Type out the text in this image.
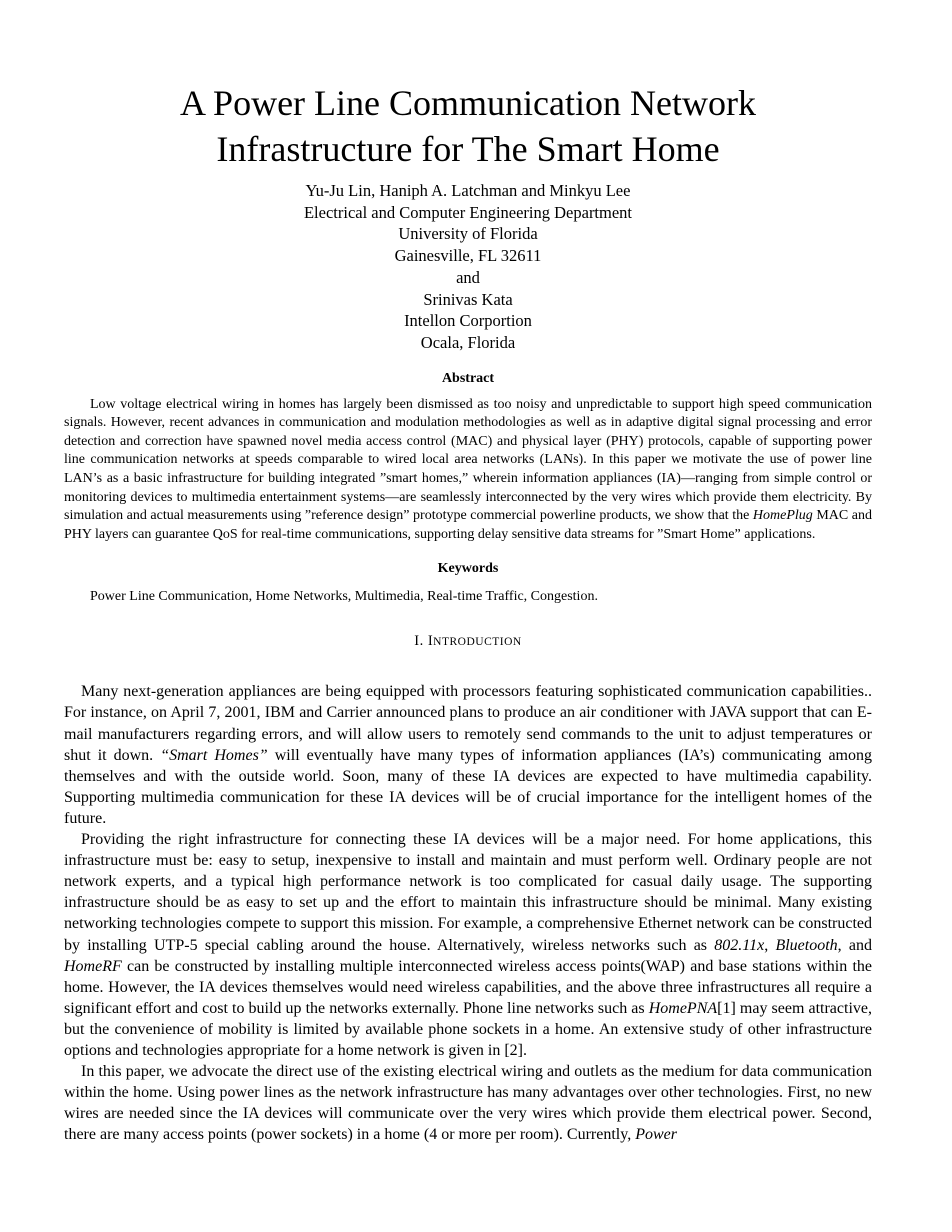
A Power Line Communication Network
Infrastructure for The Smart Home
Yu-Ju Lin, Haniph A. Latchman and Minkyu Lee
Electrical and Computer Engineering Department
University of Florida
Gainesville, FL 32611
and
Srinivas Kata
Intellon Corportion
Ocala, Florida
Abstract

Low voltage electrical wiring in homes has largely been dismissed as too noisy and unpredictable to support high speed communication signals. However, recent advances in communication and modulation methodologies as well as in adaptive digital signal processing and error detection and correction have spawned novel media access control (MAC) and physical layer (PHY) protocols, capable of supporting power line communication networks at speeds comparable to wired local area networks (LANs). In this paper we motivate the use of power line LAN’s as a basic infrastructure for building integrated ”smart homes,” wherein information appliances (IA)—ranging from simple control or monitoring devices to multimedia entertainment systems—are seamlessly interconnected by the very wires which provide them electricity. By simulation and actual measurements using ”reference design” prototype commercial powerline products, we show that the HomePlug MAC and PHY layers can guarantee QoS for real-time communications, supporting delay sensitive data streams for ”Smart Home” applications.

Keywords
Power Line Communication, Home Networks, Multimedia, Real-time Traffic, Congestion.
I. INTRODUCTION

Many next-generation appliances are being equipped with processors featuring sophisticated communication capabilities.. For instance, on April 7, 2001, IBM and Carrier announced plans to produce an air conditioner with JAVA support that can E-mail manufacturers regarding errors, and will allow users to remotely send commands to the unit to adjust temperatures or shut it down. “Smart Homes” will eventually have many types of information appliances (IA’s) communicating among themselves and with the outside world. Soon, many of these IA devices are expected to have multimedia capability. Supporting multimedia communication for these IA devices will be of crucial importance for the intelligent homes of the future.

Providing the right infrastructure for connecting these IA devices will be a major need. For home applications, this infrastructure must be: easy to setup, inexpensive to install and maintain and must perform well. Ordinary people are not network experts, and a typical high performance network is too complicated for casual daily usage. The supporting infrastructure should be as easy to set up and the effort to maintain this infrastructure should be minimal. Many existing networking technologies compete to support this mission. For example, a comprehensive Ethernet network can be constructed by installing UTP-5 special cabling around the house. Alternatively, wireless networks such as 802.11x, Bluetooth, and HomeRF can be constructed by installing multiple interconnected wireless access points(WAP) and base stations within the home. However, the IA devices themselves would need wireless capabilities, and the above three infrastructures all require a significant effort and cost to build up the networks externally. Phone line networks such as HomePNA[1] may seem attractive, but the convenience of mobility is limited by available phone sockets in a home. An extensive study of other infrastructure options and technologies appropriate for a home network is given in [2].

In this paper, we advocate the direct use of the existing electrical wiring and outlets as the medium for data communication within the home. Using power lines as the network infrastructure has many advantages over other technologies. First, no new wires are needed since the IA devices will communicate over the very wires which provide them electrical power. Second, there are many access points (power sockets) in a home (4 or more per room). Currently, Power
